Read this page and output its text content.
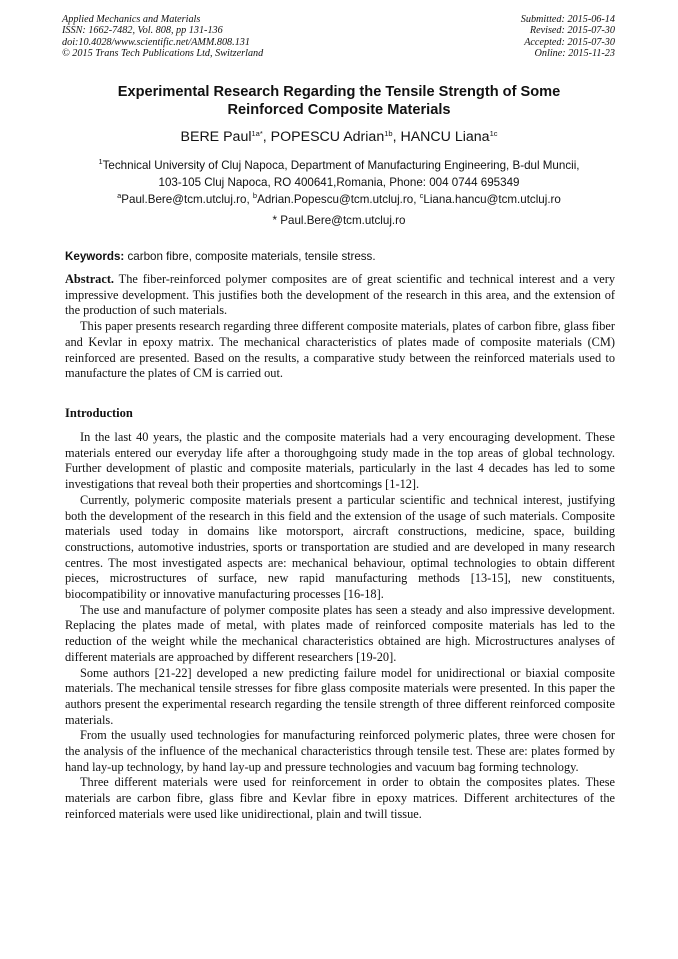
Applied Mechanics and Materials
ISSN: 1662-7482, Vol. 808, pp 131-136
doi:10.4028/www.scientific.net/AMM.808.131
© 2015 Trans Tech Publications Ltd, Switzerland
Submitted: 2015-06-14
Revised: 2015-07-30
Accepted: 2015-07-30
Online: 2015-11-23
Experimental Research Regarding the Tensile Strength of Some
Reinforced Composite Materials
BERE Paul$^{1a*}$, POPESCU Adrian$^{1b}$, HANCU Liana$^{1c}$
$^1$Technical University of Cluj Napoca, Department of Manufacturing Engineering, B-dul Muncii,
103-105 Cluj Napoca, RO 400641,Romania, Phone: 004 0744 695349
$^a$Paul.Bere@tcm.utcluj.ro, $^b$Adrian.Popescu@tcm.utcluj.ro, $^c$Liana.hancu@tcm.utcluj.ro
* Paul.Bere@tcm.utcluj.ro
Keywords: carbon fibre, composite materials, tensile stress.

Abstract. The fiber-reinforced polymer composites are of great scientific and technical interest and a very impressive development. This justifies both the development of the research in this area, and the extension of the production of such materials.

This paper presents research regarding three different composite materials, plates of carbon fibre, glass fiber and Kevlar in epoxy matrix. The mechanical characteristics of plates made of composite materials (CM) reinforced are presented. Based on the results, a comparative study between the reinforced materials used to manufacture the plates of CM is carried out.

Introduction

In the last 40 years, the plastic and the composite materials had a very encouraging development. These materials entered our everyday life after a thoroughgoing study made in the top areas of global technology. Further development of plastic and composite materials, particularly in the last 4 decades has led to some investigations that reveal both their properties and shortcomings [1-12].

Currently, polymeric composite materials present a particular scientific and technical interest, justifying both the development of the research in this field and the extension of the usage of such materials. Composite materials used today in domains like motorsport, aircraft constructions, medicine, space, building constructions, automotive industries, sports or transportation are studied and are developed in many research centres. The most investigated aspects are: mechanical behaviour, optimal technologies to obtain different pieces, microstructures of surface, new rapid manufacturing methods [13-15], new constituents, biocompatibility or innovative manufacturing processes [16-18].

The use and manufacture of polymer composite plates has seen a steady and also impressive development. Replacing the plates made of metal, with plates made of reinforced composite materials has led to the reduction of the weight while the mechanical characteristics obtained are high. Microstructures analyses of different materials are approached by different researchers [19-20].

Some authors [21-22] developed a new predicting failure model for unidirectional or biaxial composite materials. The mechanical tensile stresses for fibre glass composite materials were presented. In this paper the authors present the experimental research regarding the tensile strength of three different reinforced composite materials.

From the usually used technologies for manufacturing reinforced polymeric plates, three were chosen for the analysis of the influence of the mechanical characteristics through tensile test. These are: plates formed by hand lay-up technology, by hand lay-up and pressure technologies and vacuum bag forming technology.

Three different materials were used for reinforcement in order to obtain the composites plates. These materials are carbon fibre, glass fibre and Kevlar fibre in epoxy matrices. Different architectures of the reinforced materials were used like unidirectional, plain and twill tissue.
